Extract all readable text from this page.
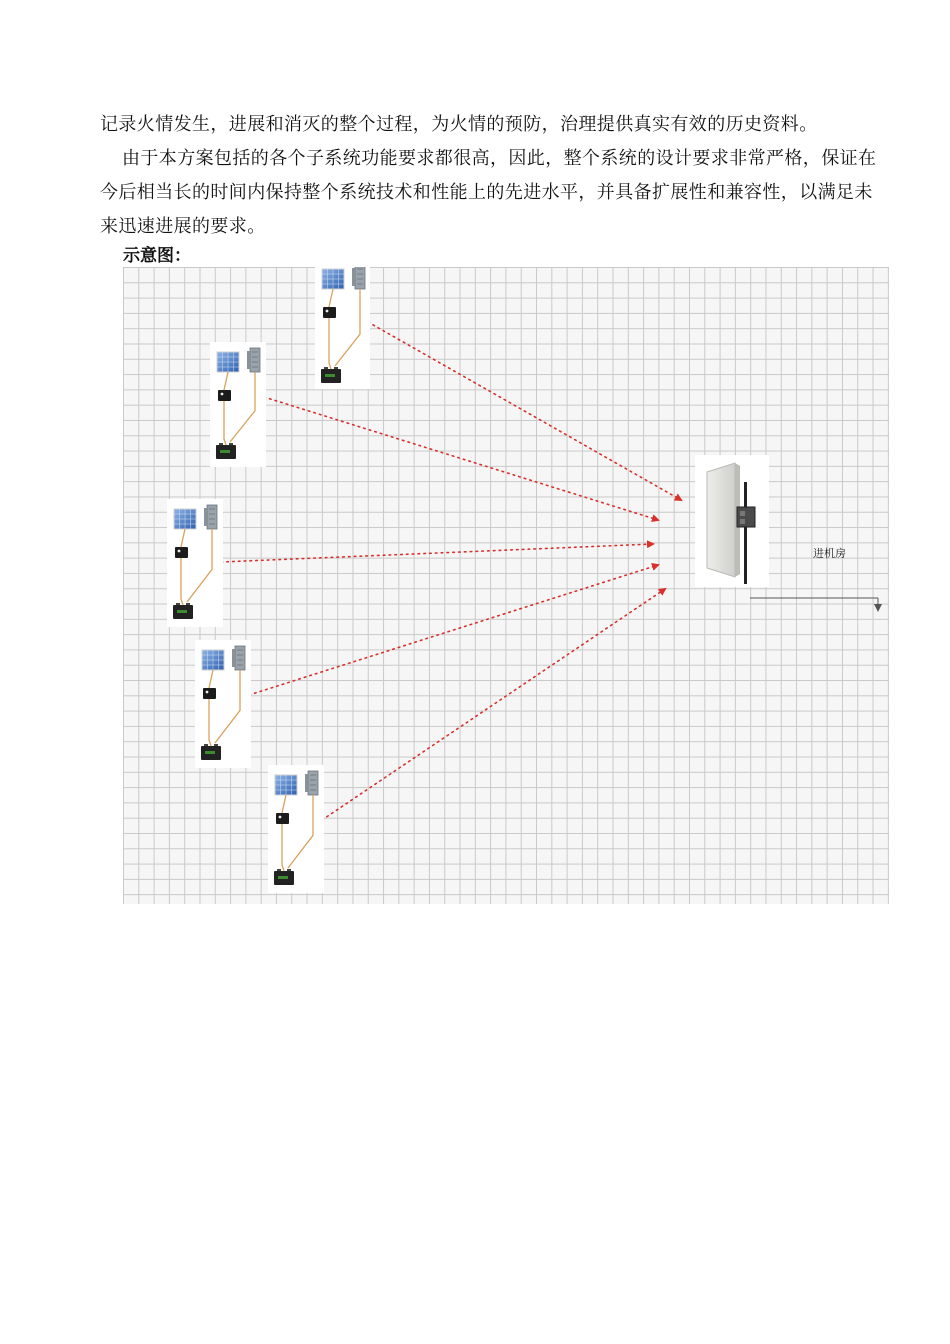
记录火情发生，进展和消灭的整个过程，为火情的预防，治理提供真实有效的历史资料。

由于本方案包括的各个子系统功能要求都很高，因此，整个系统的设计要求非常严格，保证在今后相当长的时间内保持整个系统技术和性能上的先进水平，并具备扩展性和兼容性，以满足未来迅速进展的要求。

示意图：
进机房
